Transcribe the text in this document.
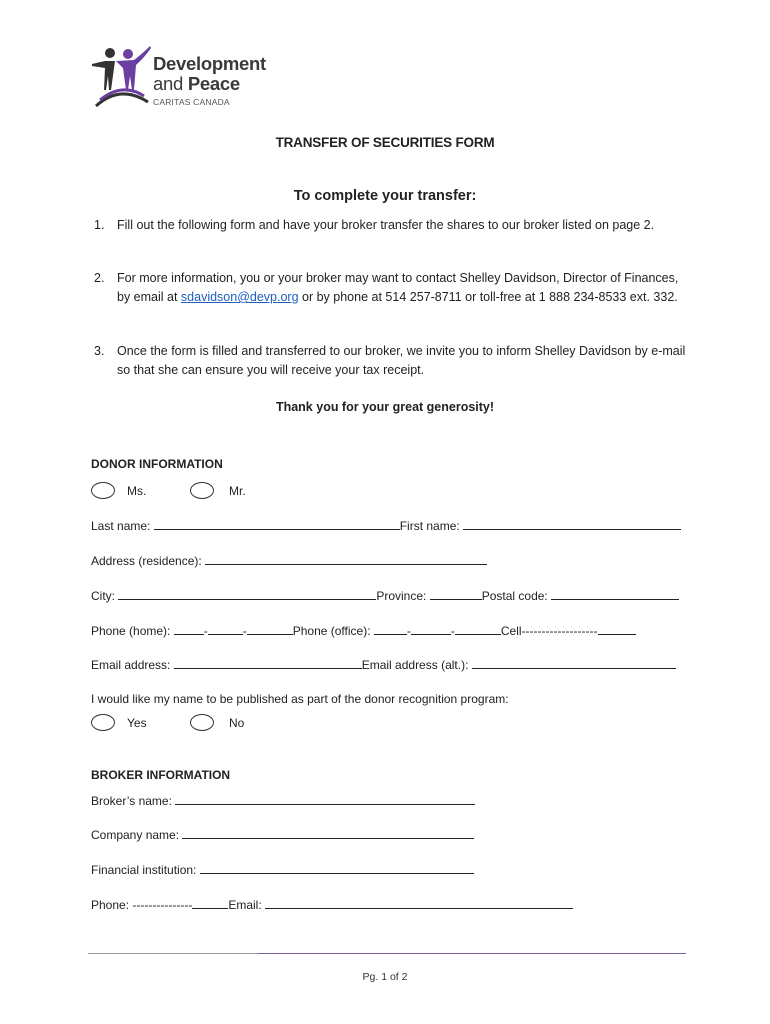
Development
and Peace
CARITAS CANADA
TRANSFER OF SECURITIES FORM
To complete your transfer:
1. Fill out the following form and have your broker transfer the shares to our broker listed on page 2.
2. For more information, you or your broker may want to contact Shelley Davidson, Director of Finances, by email at sdavidson@devp.org or by phone at 514 257-8711 or toll-free at 1 888 234-8533 ext. 332.
3. Once the form is filled and transferred to our broker, we invite you to inform Shelley Davidson by e-mail so that she can ensure you will receive your tax receipt.
Thank you for your great generosity!
DONOR INFORMATION
Ms.	Mr.
Last name:	First name:
Address (residence):
City:	Province:	Postal code:
Phone (home):	-	-	Phone (office):	-	-	Cell-------------------
Email address:	Email address (alt.):
I would like my name to be published as part of the donor recognition program:
Yes	No
BROKER INFORMATION
Broker’s name:
Company name:
Financial institution:
Phone: ---------------	Email:
Pg. 1 of 2
